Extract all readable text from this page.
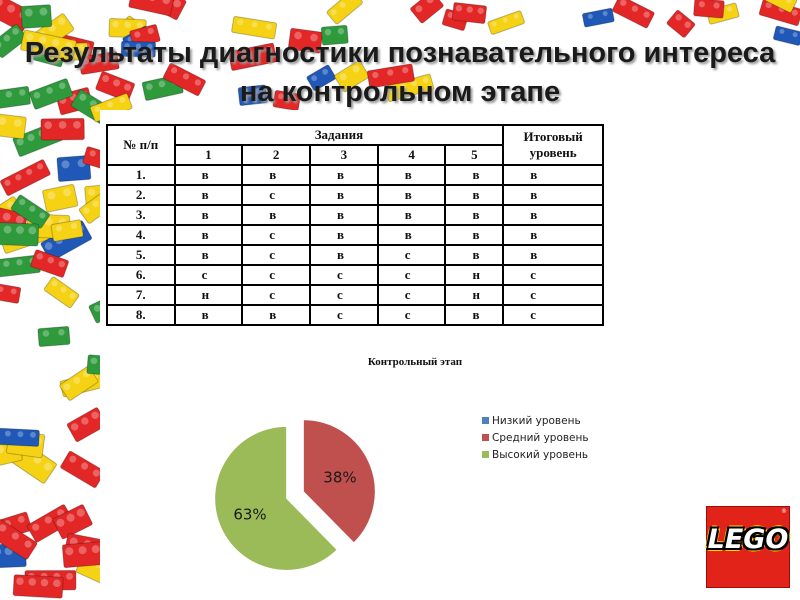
Результаты диагностики познавательного интереса
на контрольном этапе
№ п/п	Задания					Итоговый
уровень

	1	2	3	4	5	
1.	в	в	в	в	в	в
2.	в	с	в	в	в	в
3.	в	в	в	в	в	в
4.	в	с	в	в	в	в
5.	в	с	в	с	в	в
6.	с	с	с	с	н	с
7.	н	с	с	с	н	с
8.	в	в	с	с	в	с
Контрольный этап
38%
63%
Низкий уровень
Средний уровень
Высокий уровень
LEGO
®
